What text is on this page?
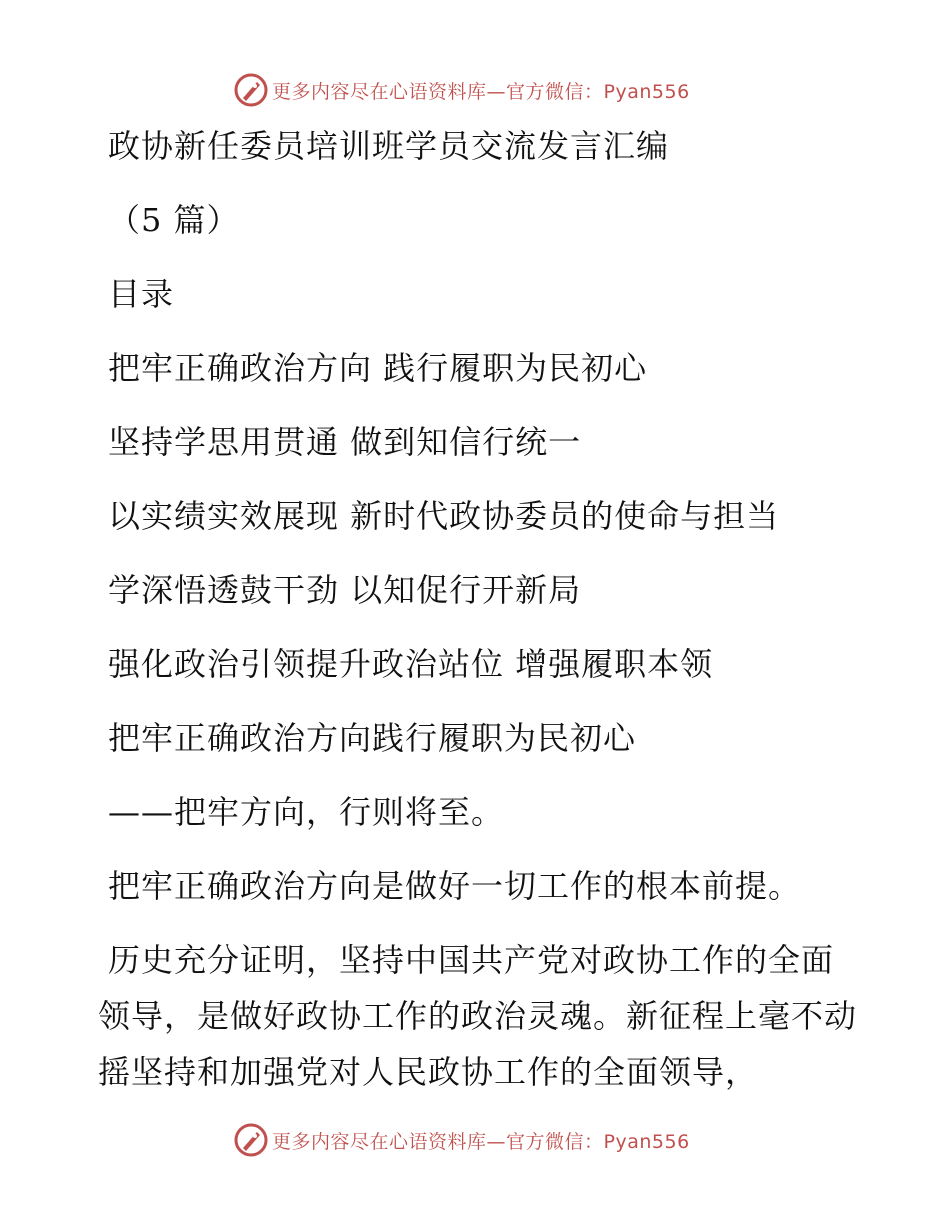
更多内容尽在心语资料库—官方微信：Pyan556
政协新任委员培训班学员交流发言汇编
（5 篇）
目录
把牢正确政治方向 践行履职为民初心
坚持学思用贯通 做到知信行统一
以实绩实效展现 新时代政协委员的使命与担当
学深悟透鼓干劲 以知促行开新局
强化政治引领提升政治站位 增强履职本领
把牢正确政治方向践行履职为民初心
——把牢方向，行则将至。
把牢正确政治方向是做好一切工作的根本前提。
历史充分证明，坚持中国共产党对政协工作的全面领导，是做好政协工作的政治灵魂。新征程上毫不动摇坚持和加强党对人民政协工作的全面领导，
更多内容尽在心语资料库—官方微信：Pyan556
